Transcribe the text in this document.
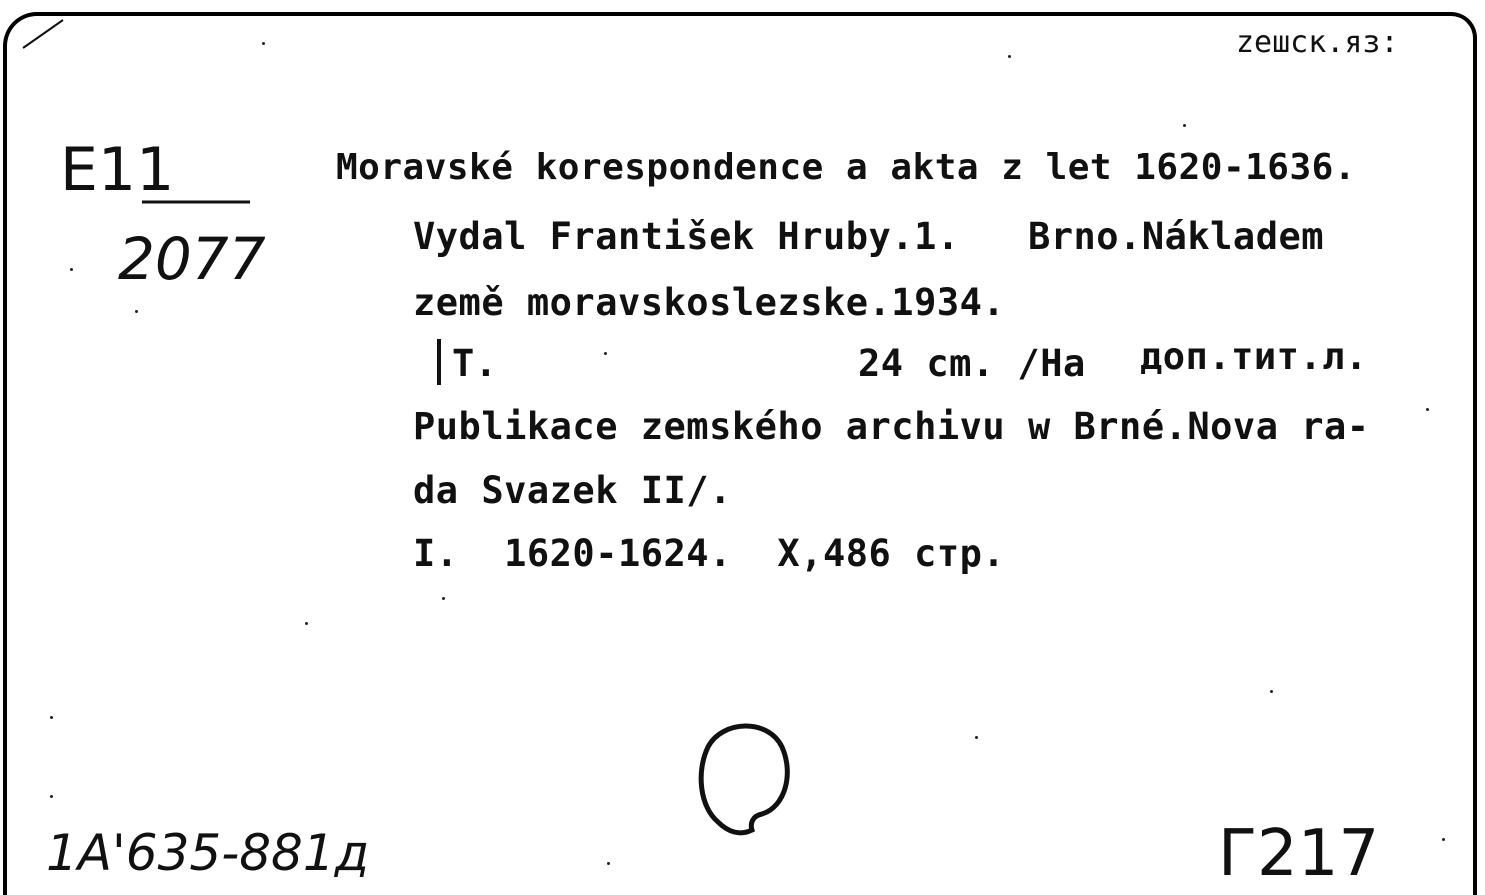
zeшск.яз:
E11
2077
Moravské korespondence a akta z let 1620-1636.
Vydal František Hruby.1.   Brno.Nákladem
země moravskoslezske.1934.
T.	24 cm. /На доп.тит.л.
Publikace zemského archivu w Brné.Nova ra-
da Svazek II/.
I.  1620-1624.  X,486 стр.
1A'635-881д	Г217
